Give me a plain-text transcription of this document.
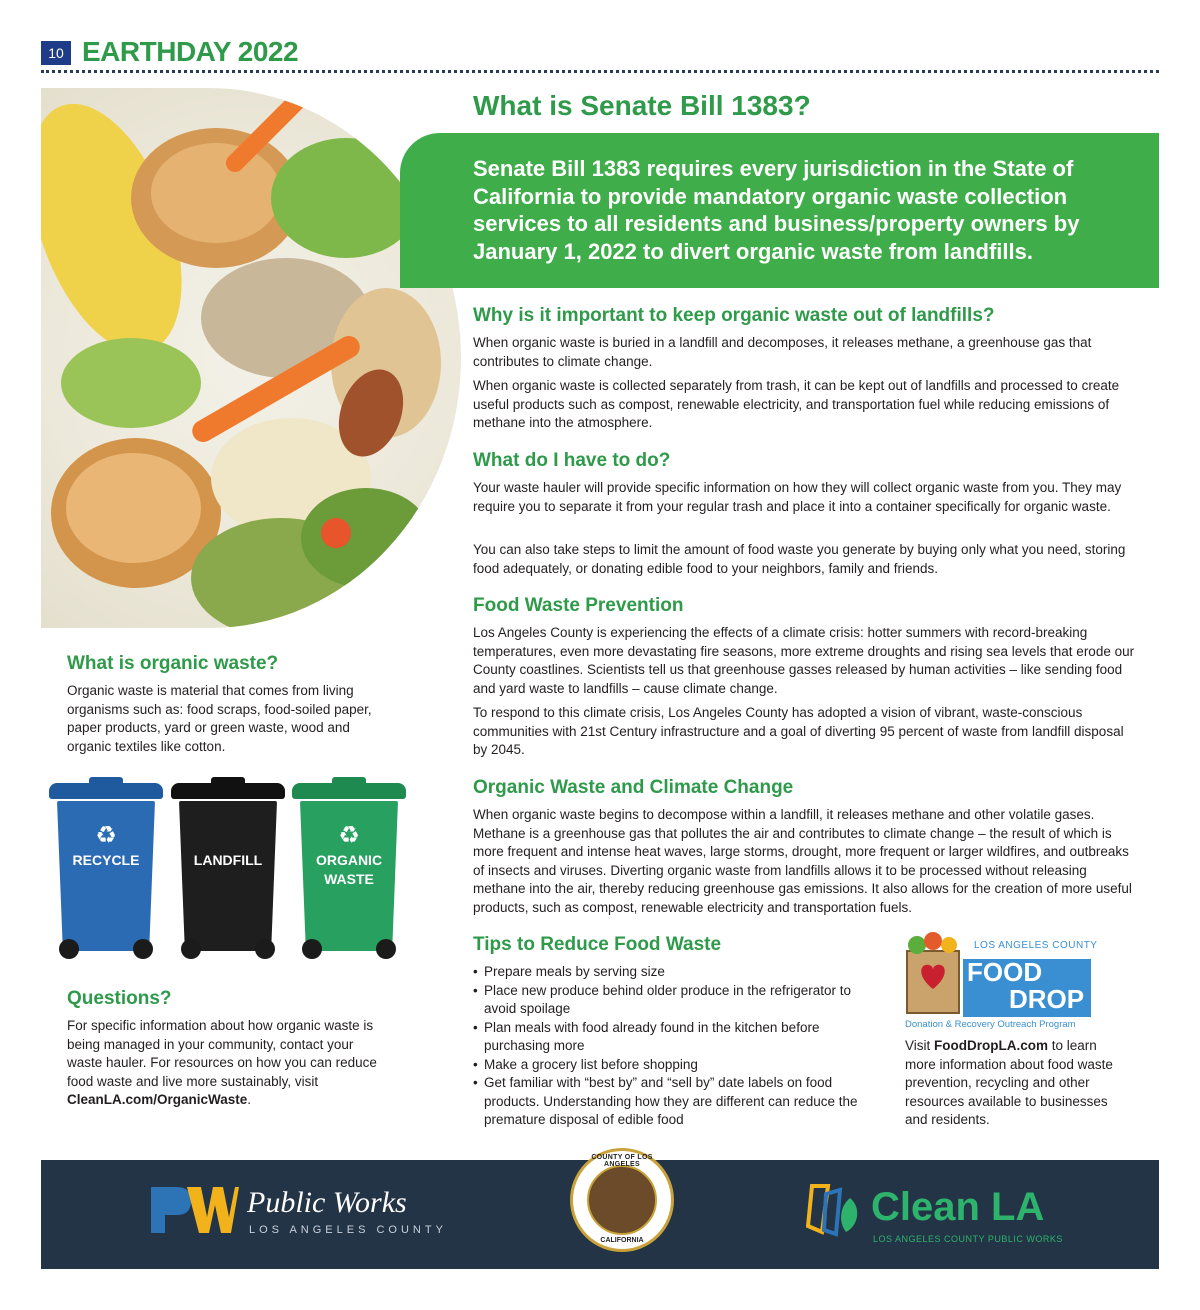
10 EARTHDAY 2022
What is Senate Bill 1383?

Senate Bill 1383 requires every jurisdiction in the State of California to provide mandatory organic waste collection services to all residents and business/property owners by January 1, 2022 to divert organic waste from landfills.

Why is it important to keep organic waste out of landfills?

When organic waste is buried in a landfill and decomposes, it releases methane, a greenhouse gas that contributes to climate change.

When organic waste is collected separately from trash, it can be kept out of landfills and processed to create useful products such as compost, renewable electricity, and transportation fuel while reducing emissions of methane into the atmosphere.

What do I have to do?

Your waste hauler will provide specific information on how they will collect organic waste from you. They may require you to separate it from your regular trash and place it into a container specifically for organic waste.

You can also take steps to limit the amount of food waste you generate by buying only what you need, storing food adequately, or donating edible food to your neighbors, family and friends.

Food Waste Prevention

Los Angeles County is experiencing the effects of a climate crisis: hotter summers with record-breaking temperatures, even more devastating fire seasons, more extreme droughts and rising sea levels that erode our County coastlines. Scientists tell us that greenhouse gasses released by human activities – like sending food and yard waste to landfills – cause climate change.

To respond to this climate crisis, Los Angeles County has adopted a vision of vibrant, waste-conscious communities with 21st Century infrastructure and a goal of diverting 95 percent of waste from landfill disposal by 2045.

Organic Waste and Climate Change

When organic waste begins to decompose within a landfill, it releases methane and other volatile gases. Methane is a greenhouse gas that pollutes the air and contributes to climate change – the result of which is more frequent and intense heat waves, large storms, drought, more frequent or larger wildfires, and outbreaks of insects and viruses. Diverting organic waste from landfills allows it to be processed without releasing methane into the air, thereby reducing greenhouse gas emissions. It also allows for the creation of more useful products, such as compost, renewable electricity and transportation fuels.

Tips to Reduce Food Waste
• Prepare meals by serving size
• Place new produce behind older produce in the refrigerator to avoid spoilage
• Plan meals with food already found in the kitchen before purchasing more
• Make a grocery list before shopping
• Get familiar with “best by” and “sell by” date labels on food products. Understanding how they are different can reduce the premature disposal of edible food
LOS ANGELES COUNTY
FOOD
DROP
Donation & Recovery Outreach Program

Visit FoodDropLA.com to learn more information about food waste prevention, recycling and other resources available to businesses and residents.

What is organic waste?

Organic waste is material that comes from living organisms such as: food scraps, food-soiled paper, paper products, yard or green waste, wood and organic textiles like cotton.

♻
RECYCLE	LANDFILL
♻
ORGANIC WASTE
Questions?

For specific information about how organic waste is being managed in your community, contact your waste hauler. For resources on how you can reduce food waste and live more sustainably, visit CleanLA.com/OrganicWaste.

Public Works
LOS ANGELES COUNTY
COUNTY OF LOS ANGELES
CALIFORNIA
Clean LA
LOS ANGELES COUNTY PUBLIC WORKS
